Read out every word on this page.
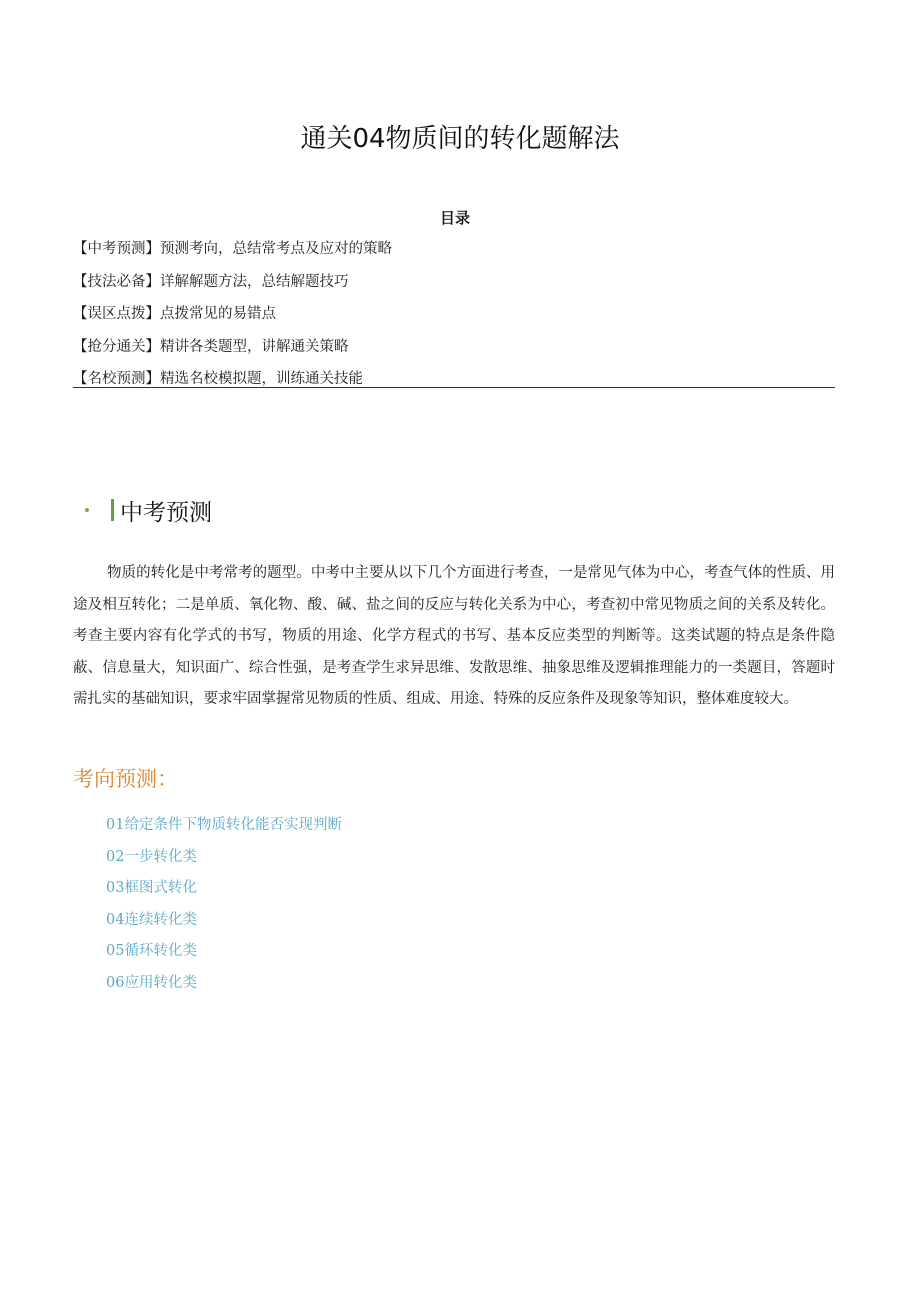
通关04物质间的转化题解法
目录
【中考预测】 预测考向，总结常考点及应对的策略
【技法必备】 详解解题方法，总结解题技巧
【误区点拨】 点拨常见的易错点
【抢分通关】 精讲各类题型，讲解通关策略
【名校预测】 精选名校模拟题，训练通关技能
中考预测

物质的转化是中考常考的题型。中考中主要从以下几个方面进行考查，一是常见气体为中心，考查气体的性质、用途及相互转化；二是单质、氧化物、酸、碱、盐之间的反应与转化关系为中心，考查初中常见物质之间的关系及转化。考查主要内容有化学式的书写，物质的用途、化学方程式的书写、基本反应类型的判断等。这类试题的特点是条件隐蔽、信息量大，知识面广、综合性强，是考查学生求异思维、发散思维、抽象思维及逻辑推理能力的一类题目，答题时需扎实的基础知识，要求牢固掌握常见物质的性质、组成、用途、特殊的反应条件及现象等知识，整体难度较大。

考向预测：
01给定条件下物质转化能否实现判断
02一步转化类
03框图式转化
04连续转化类
05循环转化类
06应用转化类
